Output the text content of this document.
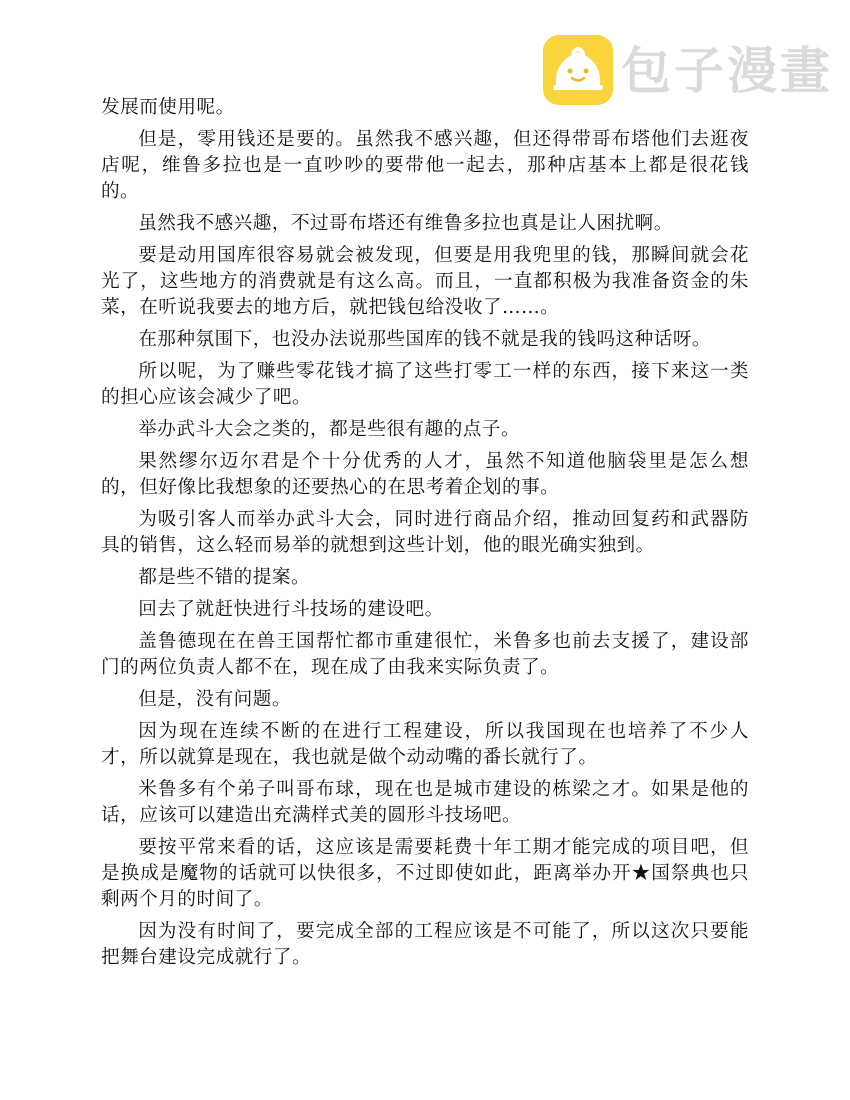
包子漫畫

发展而使用呢。

但是，零用钱还是要的。虽然我不感兴趣，但还得带哥布塔他们去逛夜店呢，维鲁多拉也是一直吵吵的要带他一起去，那种店基本上都是很花钱的。

虽然我不感兴趣，不过哥布塔还有维鲁多拉也真是让人困扰啊。

要是动用国库很容易就会被发现，但要是用我兜里的钱，那瞬间就会花光了，这些地方的消费就是有这么高。而且，一直都积极为我准备资金的朱菜，在听说我要去的地方后，就把钱包给没收了……。

在那种氛围下，也没办法说那些国库的钱不就是我的钱吗这种话呀。

所以呢，为了赚些零花钱才搞了这些打零工一样的东西，接下来这一类的担心应该会减少了吧。

举办武斗大会之类的，都是些很有趣的点子。

果然缪尔迈尔君是个十分优秀的人才，虽然不知道他脑袋里是怎么想的，但好像比我想象的还要热心的在思考着企划的事。

为吸引客人而举办武斗大会，同时进行商品介绍，推动回复药和武器防具的销售，这么轻而易举的就想到这些计划，他的眼光确实独到。

都是些不错的提案。

回去了就赶快进行斗技场的建设吧。

盖鲁德现在在兽王国帮忙都市重建很忙，米鲁多也前去支援了，建设部门的两位负责人都不在，现在成了由我来实际负责了。

但是，没有问题。

因为现在连续不断的在进行工程建设，所以我国现在也培养了不少人才，所以就算是现在，我也就是做个动动嘴的番长就行了。

米鲁多有个弟子叫哥布球，现在也是城市建设的栋梁之才。如果是他的话，应该可以建造出充满样式美的圆形斗技场吧。

要按平常来看的话，这应该是需要耗费十年工期才能完成的项目吧，但是换成是魔物的话就可以快很多，不过即使如此，距离举办开★国祭典也只剩两个月的时间了。

因为没有时间了，要完成全部的工程应该是不可能了，所以这次只要能把舞台建设完成就行了。
